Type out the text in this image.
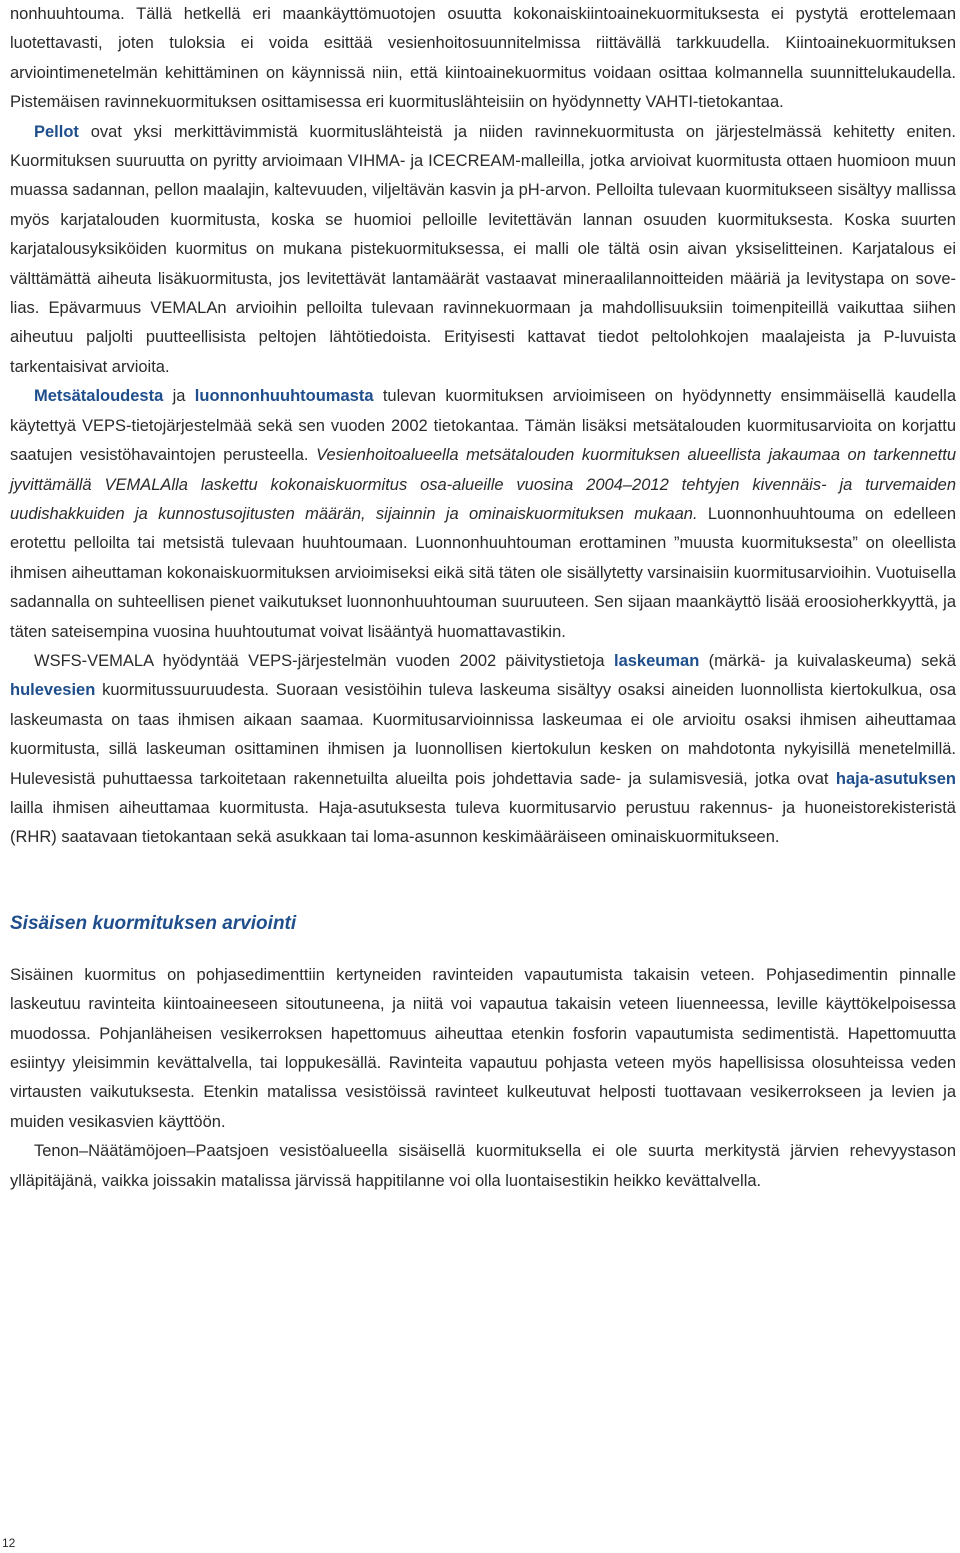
nonhuuhtouma. Tällä hetkellä eri maankäyttömuotojen osuutta kokonaiskiintoainekuormituksesta ei pystytä erottelemaan luotettavasti, joten tuloksia ei voida esittää vesienhoitosuunnitelmissa riittävällä tarkkuudella. Kiintoainekuormituksen arviointimenetelmän kehittäminen on käynnissä niin, että kiintoainekuormitus voidaan osittaa kolmannella suunnittelukaudella. Pistemäisen ravinnekuormituksen osittamisessa eri kuormituslähteisiin on hyödynnetty VAHTI-tietokantaa.

Pellot ovat yksi merkittävimmistä kuormituslähteistä ja niiden ravinnekuormitusta on järjestelmässä kehitetty eniten. Kuormituksen suuruutta on pyritty arvioimaan VIHMA- ja ICECREAM-malleilla, jotka arvioivat kuormitusta ottaen huomioon muun muassa sadannan, pellon maalajin, kaltevuuden, viljeltävän kasvin ja pH-arvon. Pelloilta tulevaan kuormitukseen sisältyy mallissa myös karjatalouden kuormitusta, koska se huomioi pelloille levitettävän lannan osuuden kuormituksesta. Koska suurten karjatalousyksiköiden kuormitus on mukana pistekuormituksessa, ei malli ole tältä osin aivan yksiselitteinen. Karjatalous ei välttämättä aiheuta lisäkuormitusta, jos levitettävät lantamäärät vastaavat mineraalilannoitteiden määriä ja levitystapa on sovelias. Epävarmuus VEMALAn arvioihin pelloilta tulevaan ravinnekuormaan ja mahdollisuuksiin toimenpiteillä vaikuttaa siihen aiheutuu paljolti puutteellisista peltojen lähtötiedoista. Erityisesti kattavat tiedot peltolohkojen maalajeista ja P-luvuista tarkentaisivat arvioita.

Metsätaloudesta ja luonnonhuuhtoumasta tulevan kuormituksen arvioimiseen on hyödynnetty ensimmäisellä kaudella käytettyä VEPS-tietojärjestelmää sekä sen vuoden 2002 tietokantaa. Tämän lisäksi metsätalouden kuormitusarvioita on korjattu saatujen vesistöhavaintojen perusteella. Vesienhoitoalueella metsätalouden kuormituksen alueellista jakaumaa on tarkennettu jyvittämällä VEMALAlla laskettu kokonaiskuormitus osa-alueille vuosina 2004–2012 tehtyjen kivennäis- ja turvemaiden uudishakkuiden ja kunnostusojitusten määrän, sijainnin ja ominaiskuormituksen mukaan. Luonnonhuuhtouma on edelleen erotettu pelloilta tai metsistä tulevaan huuhtoumaan. Luonnonhuuhtouman erottaminen ”muusta kuormituksesta” on oleellista ihmisen aiheuttaman kokonaiskuormituksen arvioimiseksi eikä sitä täten ole sisällytetty varsinaisiin kuormitusarvioihin. Vuotuisella sadannalla on suhteellisen pienet vaikutukset luonnonhuuhtouman suuruuteen. Sen sijaan maankäyttö lisää eroosioherkkyyttä, ja täten sateisempina vuosina huuhtoutumat voivat lisääntyä huomattavastikin.

WSFS-VEMALA hyödyntää VEPS-järjestelmän vuoden 2002 päivitystietoja laskeuman (märkä- ja kuivalaskeuma) sekä hulevesien kuormitussuuruudesta. Suoraan vesistöihin tuleva laskeuma sisältyy osaksi aineiden luonnollista kiertokulkua, osa laskeumasta on taas ihmisen aikaan saamaa. Kuormitusarvioinnissa laskeumaa ei ole arvioitu osaksi ihmisen aiheuttamaa kuormitusta, sillä laskeuman osittaminen ihmisen ja luonnollisen kiertokulun kesken on mahdotonta nykyisillä menetelmillä. Hulevesistä puhuttaessa tarkoitetaan rakennetuilta alueilta pois johdettavia sade- ja sulamisvesiä, jotka ovat haja-asutuksen lailla ihmisen aiheuttamaa kuormitusta. Haja-asutuksesta tuleva kuormitusarvio perustuu rakennus- ja huoneistorekisteristä (RHR) saatavaan tietokantaan sekä asukkaan tai loma-asunnon keskimääräiseen ominaiskuormitukseen.

Sisäisen kuormituksen arviointi

Sisäinen kuormitus on pohjasedimenttiin kertyneiden ravinteiden vapautumista takaisin veteen. Pohjasedimentin pinnalle laskeutuu ravinteita kiintoaineeseen sitoutuneena, ja niitä voi vapautua takaisin veteen liuenneessa, leville käyttökelpoisessa muodossa. Pohjanläheisen vesikerroksen hapettomuus aiheuttaa etenkin fosforin vapautumista sedimentistä. Hapettomuutta esiintyy yleisimmin kevättalvella, tai loppukesällä. Ravinteita vapautuu pohjasta veteen myös hapellisissa olosuhteissa veden virtausten vaikutuksesta. Etenkin matalissa vesistöissä ravinteet kulkeutuvat helposti tuottavaan vesikerrokseen ja levien ja muiden vesikasvien käyttöön.

Tenon–Näätämöjoen–Paatsjoen vesistöalueella sisäisellä kuormituksella ei ole suurta merkitystä järvien rehevyystason ylläpitäjänä, vaikka joissakin matalissa järvissä happitilanne voi olla luontaisestikin heikko kevättalvella.

12
